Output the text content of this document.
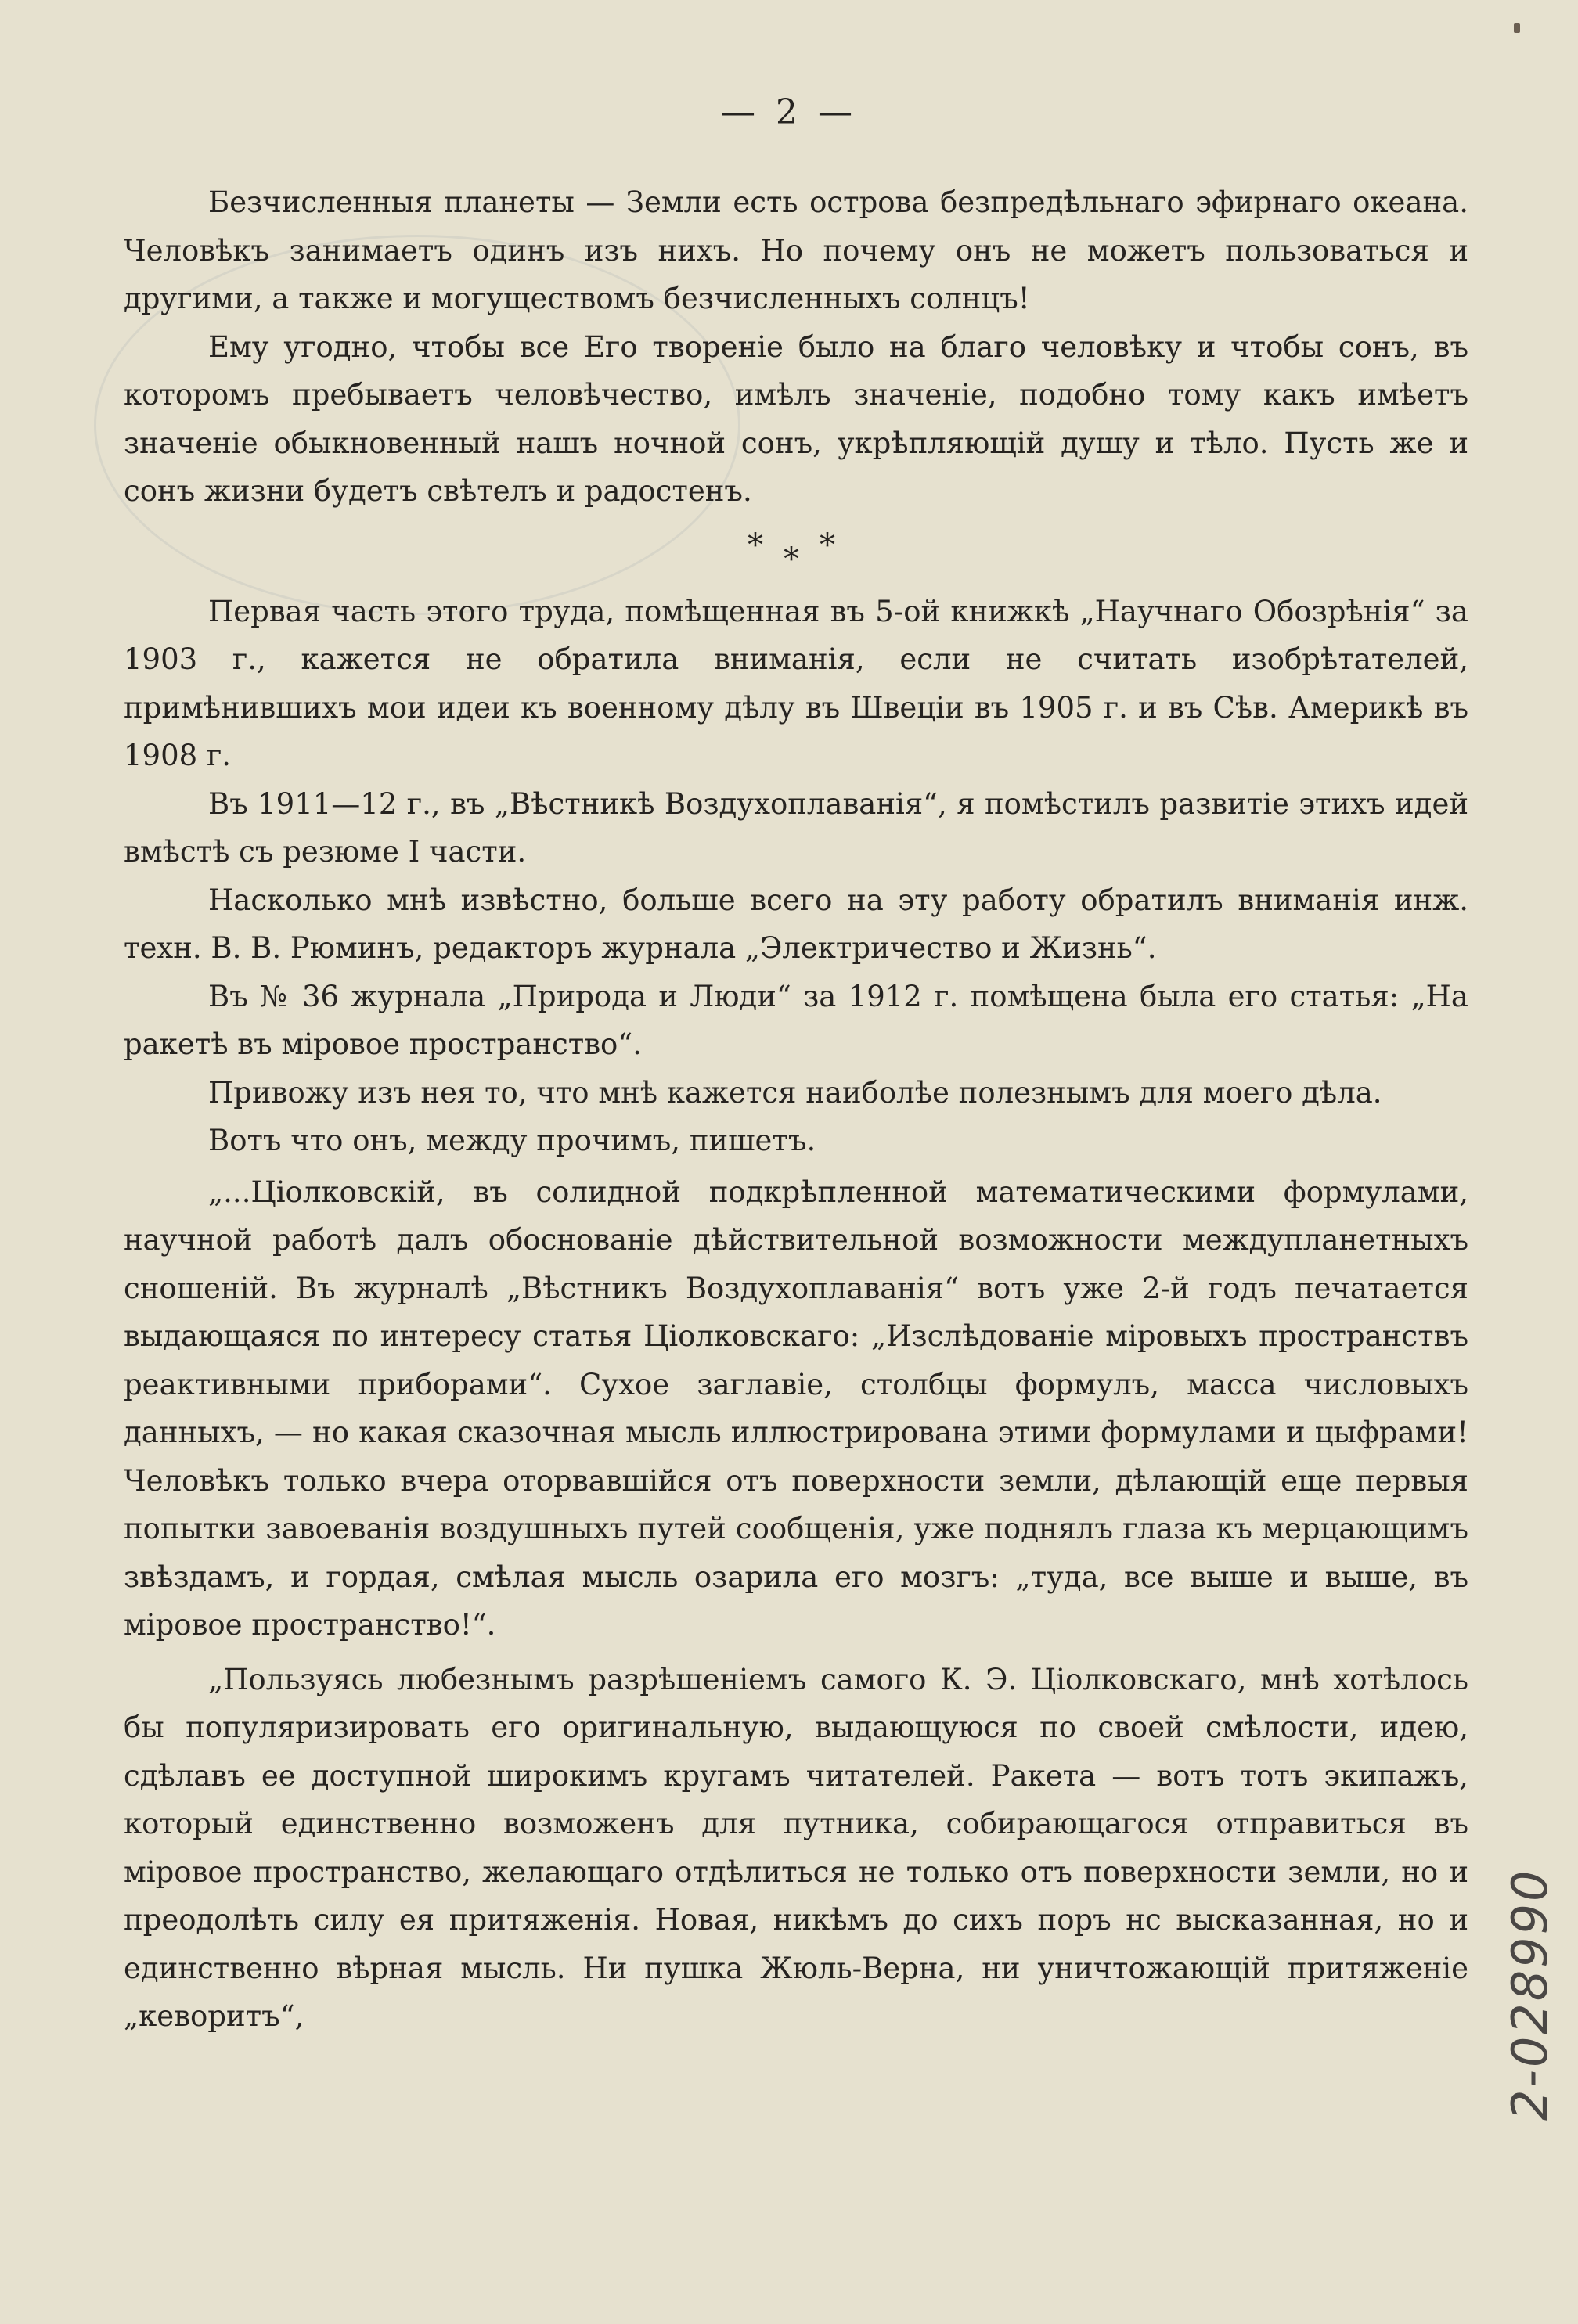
— 2 —

Безчисленныя планеты — Земли есть острова безпредѣльнаго эфирнаго океана. Человѣкъ занимаетъ одинъ изъ нихъ. Но почему онъ не можетъ пользоваться и другими, а также и могуществомъ безчисленныхъ солнцъ!

Ему угодно, чтобы все Его твореніе было на благо человѣку и чтобы сонъ, въ которомъ пребываетъ человѣчество, имѣлъ значеніе, подобно тому какъ имѣетъ значеніе обыкновенный нашъ ночной сонъ, укрѣпляющій душу и тѣло. Пусть же и сонъ жизни будетъ свѣтелъ и радостенъ.

* * *

Первая часть этого труда, помѣщенная въ 5-ой книжкѣ „Научнаго Обозрѣнія“ за 1903 г., кажется не обратила вниманія, если не считать изобрѣтателей, примѣнившихъ мои идеи къ военному дѣлу въ Швеціи въ 1905 г. и въ Сѣв. Америкѣ въ 1908 г.

Въ 1911—12 г., въ „Вѣстникѣ Воздухоплаванія“, я помѣстилъ развитіе этихъ идей вмѣстѣ съ резюме I части.

Насколько мнѣ извѣстно, больше всего на эту работу обратилъ вниманія инж. техн. В. В. Рюминъ, редакторъ журнала „Электричество и Жизнь“.

Въ № 36 журнала „Природа и Люди“ за 1912 г. помѣщена была его статья: „На ракетѣ въ міровое пространство“.

Привожу изъ нея то, что мнѣ кажется наиболѣе полезнымъ для моего дѣла.

Вотъ что онъ, между прочимъ, пишетъ.

„...Ціолковскій, въ солидной подкрѣпленной математическими формулами, научной работѣ далъ обоснованіе дѣйствительной возможности междупланетныхъ сношеній. Въ журналѣ „Вѣстникъ Воздухоплаванія“ вотъ уже 2-й годъ печатается выдающаяся по интересу статья Ціолковскаго: „Изслѣдованіе міровыхъ пространствъ реактивными приборами“. Сухое заглавіе, столбцы формулъ, масса числовыхъ данныхъ, — но какая сказочная мысль иллюстрирована этими формулами и цыфрами! Человѣкъ только вчера оторвавшійся отъ поверхности земли, дѣлающій еще первыя попытки завоеванія воздушныхъ путей сообщенія, уже поднялъ глаза къ мерцающимъ звѣздамъ, и гордая, смѣлая мысль озарила его мозгъ: „туда, все выше и выше, въ міровое пространство!“.

„Пользуясь любезнымъ разрѣшеніемъ самого К. Э. Ціолковскаго, мнѣ хотѣлось бы популяризировать его оригинальную, выдающуюся по своей смѣлости, идею, сдѣлавъ ее доступной широкимъ кругамъ читателей. Ракета — вотъ тотъ экипажъ, который единственно возможенъ для путника, собирающагося отправиться въ міровое пространство, желающаго отдѣлиться не только отъ поверхности земли, но и преодолѣть силу ея притяженія. Новая, никѣмъ до сихъ поръ нс высказанная, но и единственно вѣрная мысль. Ни пушка Жюль-Верна, ни уничтожающій притяженіе „кеворитъ“,	2-028990
